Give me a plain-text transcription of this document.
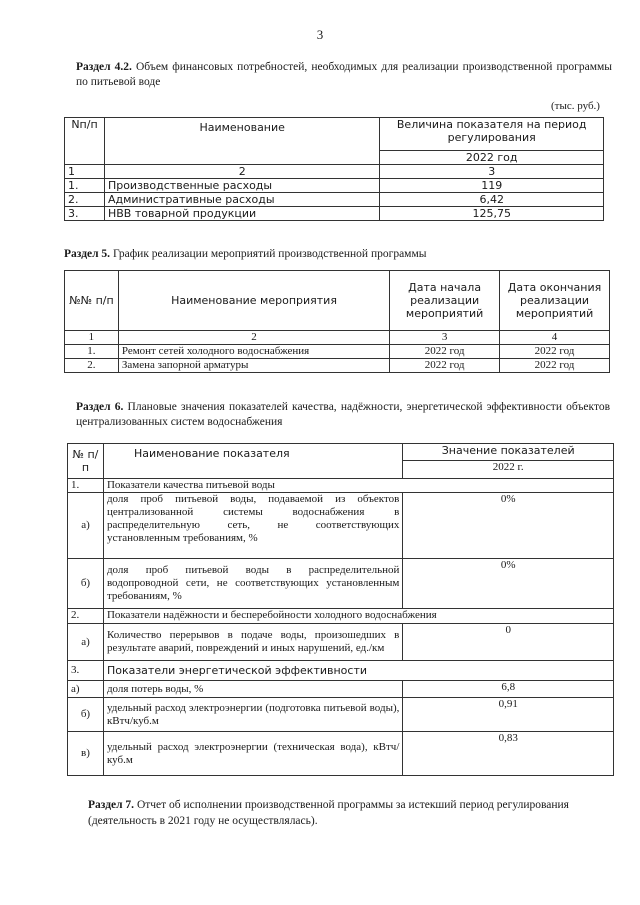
3
Раздел 4.2. Объем финансовых потребностей, необходимых для реализации производственной программы по питьевой воде
(тыс. руб.)
Nп/п	Наименование	Величина показателя на период регулирования
		2022 год
1	2	3
1.	Производственные расходы	119
2.	Административные расходы	6,42
3.	НВВ товарной продукции	125,75
Раздел 5. График реализации мероприятий производственной программы
№№ п/п	Наименование мероприятия	Дата начала реализации мероприятий	Дата окончания реализации мероприятий
1	2	3	4
1.	Ремонт сетей холодного водоснабжения	2022 год	2022 год
2.	Замена запорной арматуры	2022 год	2022 год
Раздел 6. Плановые значения показателей качества, надёжности, энергетической эффективности объектов централизованных систем водоснабжения
№ п/п	Наименование показателя	Значение показателей
		2022 г.
1.	Показатели качества питьевой воды	
а)	доля проб питьевой воды, подаваемой из объектов централизованной системы водоснабжения в распределительную сеть, не соответствующих установленным требованиям, %	0%
б)	доля проб питьевой воды в распределительной водопроводной сети, не соответствующих установленным требованиям, %	0%
2.	Показатели надёжности и бесперебойности холодного водоснабжения	
а)	Количество перерывов в подаче воды, произошедших в результате аварий, повреждений и иных нарушений, ед./км	0
3.	Показатели энергетической эффективности	
а)	доля потерь воды, %	6,8
б)	удельный расход электроэнергии (подготовка питьевой воды), кВтч/куб.м	0,91
в)	удельный расход электроэнергии (техническая вода), кВтч/куб.м	0,83
Раздел 7. Отчет об исполнении производственной программы за истекший период регулирования (деятельность в 2021 году не осуществлялась).
